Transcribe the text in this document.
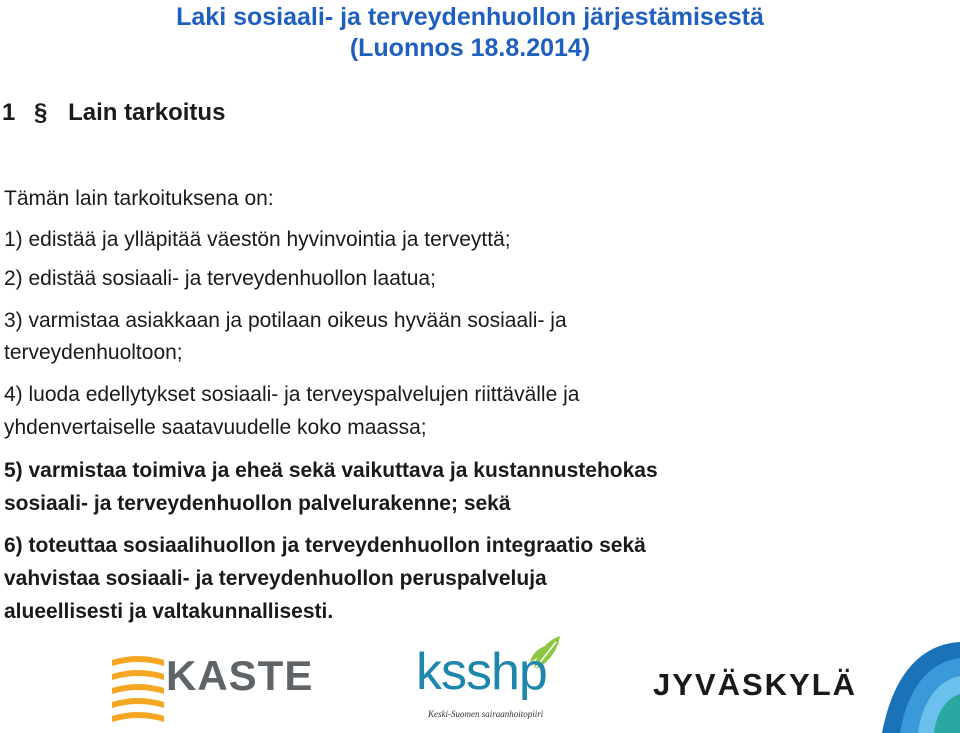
Laki sosiaali- ja terveydenhuollon järjestämisestä
(Luonnos 18.8.2014)
1 § Lain tarkoitus
Tämän lain tarkoituksena on:
1) edistää ja ylläpitää väestön hyvinvointia ja terveyttä;
2) edistää sosiaali- ja terveydenhuollon laatua;
3) varmistaa asiakkaan ja potilaan oikeus hyvään sosiaali- ja
terveydenhuoltoon;
4) luoda edellytykset sosiaali- ja terveyspalvelujen riittävälle ja
yhdenvertaiselle saatavuudelle koko maassa;
5) varmistaa toimiva ja eheä sekä vaikuttava ja kustannustehokas
sosiaali- ja terveydenhuollon palvelurakenne; sekä
6) toteuttaa sosiaalihuollon ja terveydenhuollon integraatio sekä
vahvistaa sosiaali- ja terveydenhuollon peruspalveluja
alueellisesti ja valtakunnallisesti.
KASTE ksshp
Keski-Suomen sairaanhoitopiiri
JYVÄSKYLÄ
